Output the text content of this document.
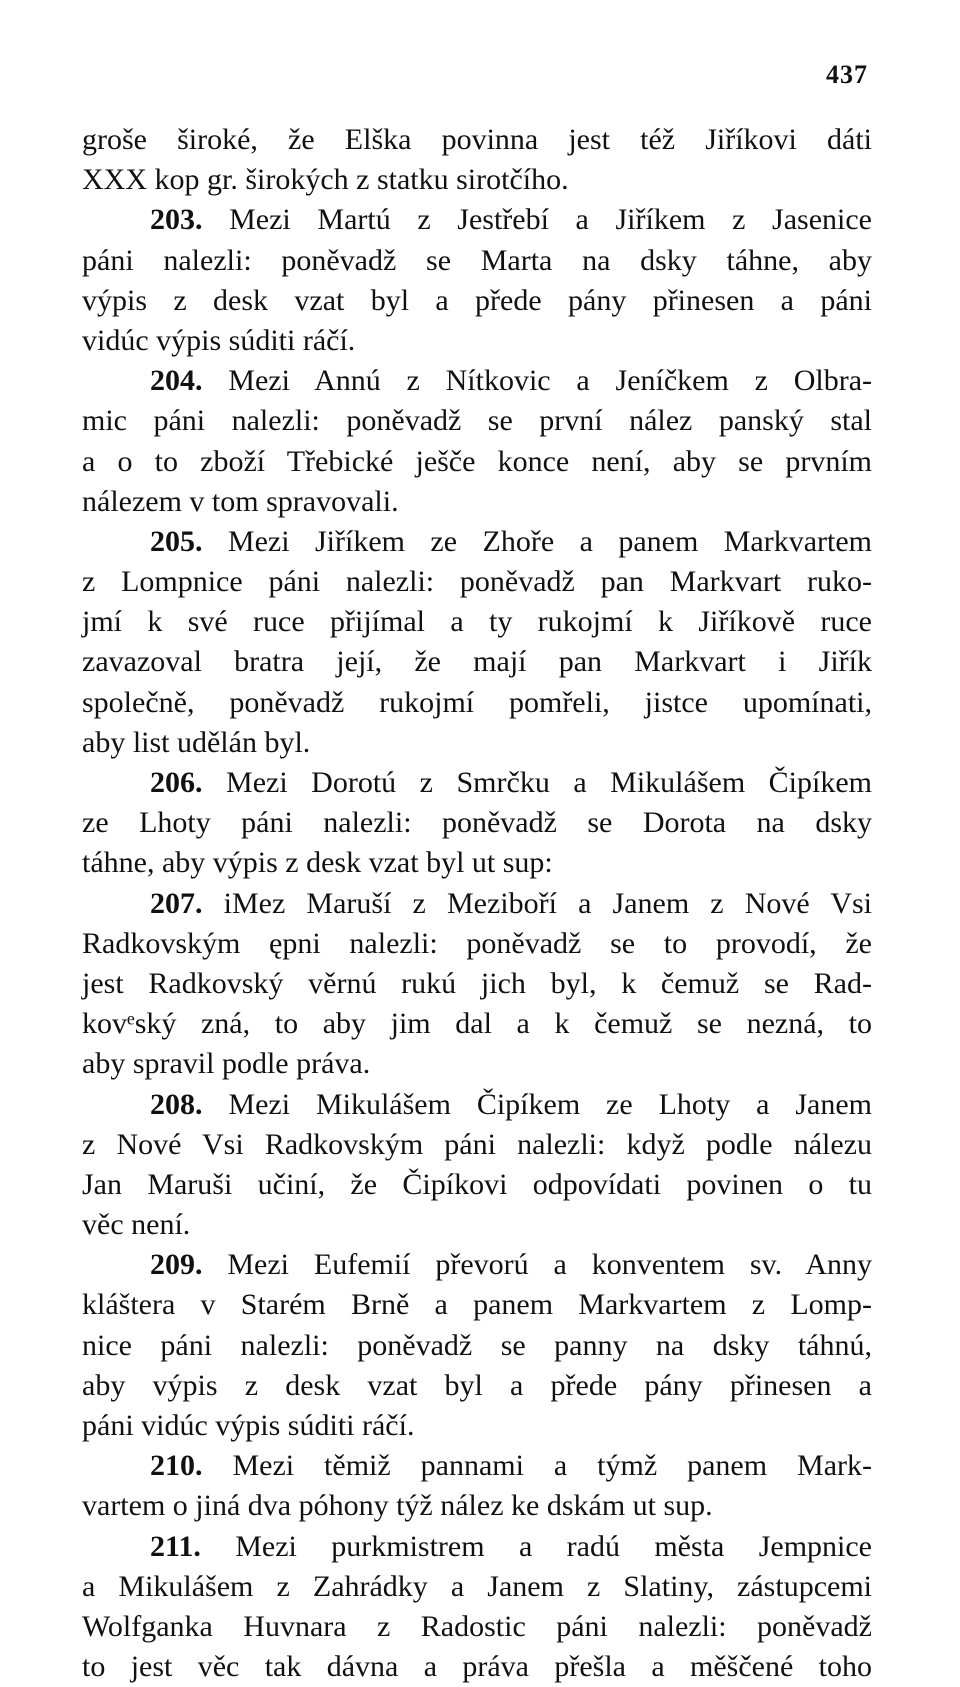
437
groše široké, že Elška povinna jest též Jiříkovi dáti
XXX kop gr. širokých z statku sirotčího.
203. Mezi Martú z Jestřebí a Jiříkem z Jasenice
páni nalezli: poněvadž se Marta na dsky táhne, aby
výpis z desk vzat byl a přede pány přinesen a páni
vidúc výpis súditi ráčí.
204. Mezi Annú z Nítkovic a Jeníčkem z Olbra-
mic páni nalezli: poněvadž se první nález panský stal
a o to zboží Třebické ješče konce není, aby se prvním
nálezem v tom spravovali.
205. Mezi Jiříkem ze Zhoře a panem Markvartem
z Lompnice páni nalezli: poněvadž pan Markvart ruko-
jmí k své ruce přijímal a ty rukojmí k Jiříkově ruce
zavazoval bratra její, že mají pan Markvart i Jiřík
společně, poněvadž rukojmí pomřeli, jistce upomínati,
aby list udělán byl.
206. Mezi Dorotú z Smrčku a Mikulášem Čipíkem
ze Lhoty páni nalezli: poněvadž se Dorota na dsky
táhne, aby výpis z desk vzat byl ut sup:
207. iMez Maruší z Meziboří a Janem z Nové Vsi
Radkovským ępni nalezli: poněvadž se to provodí, že
jest Radkovský věrnú rukú jich byl, k čemuž se Rad-
kovᵉský zná, to aby jim dal a k čemuž se nezná, to
aby spravil podle práva.
208. Mezi Mikulášem Čipíkem ze Lhoty a Janem
z Nové Vsi Radkovským páni nalezli: když podle nálezu
Jan Maruši učiní, že Čipíkovi odpovídati povinen o tu
věc není.
209. Mezi Eufemií převorú a konventem sv. Anny
kláštera v Starém Brně a panem Markvartem z Lomp-
nice páni nalezli: poněvadž se panny na dsky táhnú,
aby výpis z desk vzat byl a přede pány přinesen a
páni vidúc výpis súditi ráčí.
210. Mezi těmiž pannami a týmž panem Mark-
vartem o jiná dva póhony týž nález ke dskám ut sup.
211. Mezi purkmistrem a radú města Jempnice
a Mikulášem z Zahrádky a Janem z Slatiny, zástupcemi
Wolfganka Huvnara z Radostic páni nalezli: poněvadž
to jest věc tak dávna a práva přešla a měščené toho
